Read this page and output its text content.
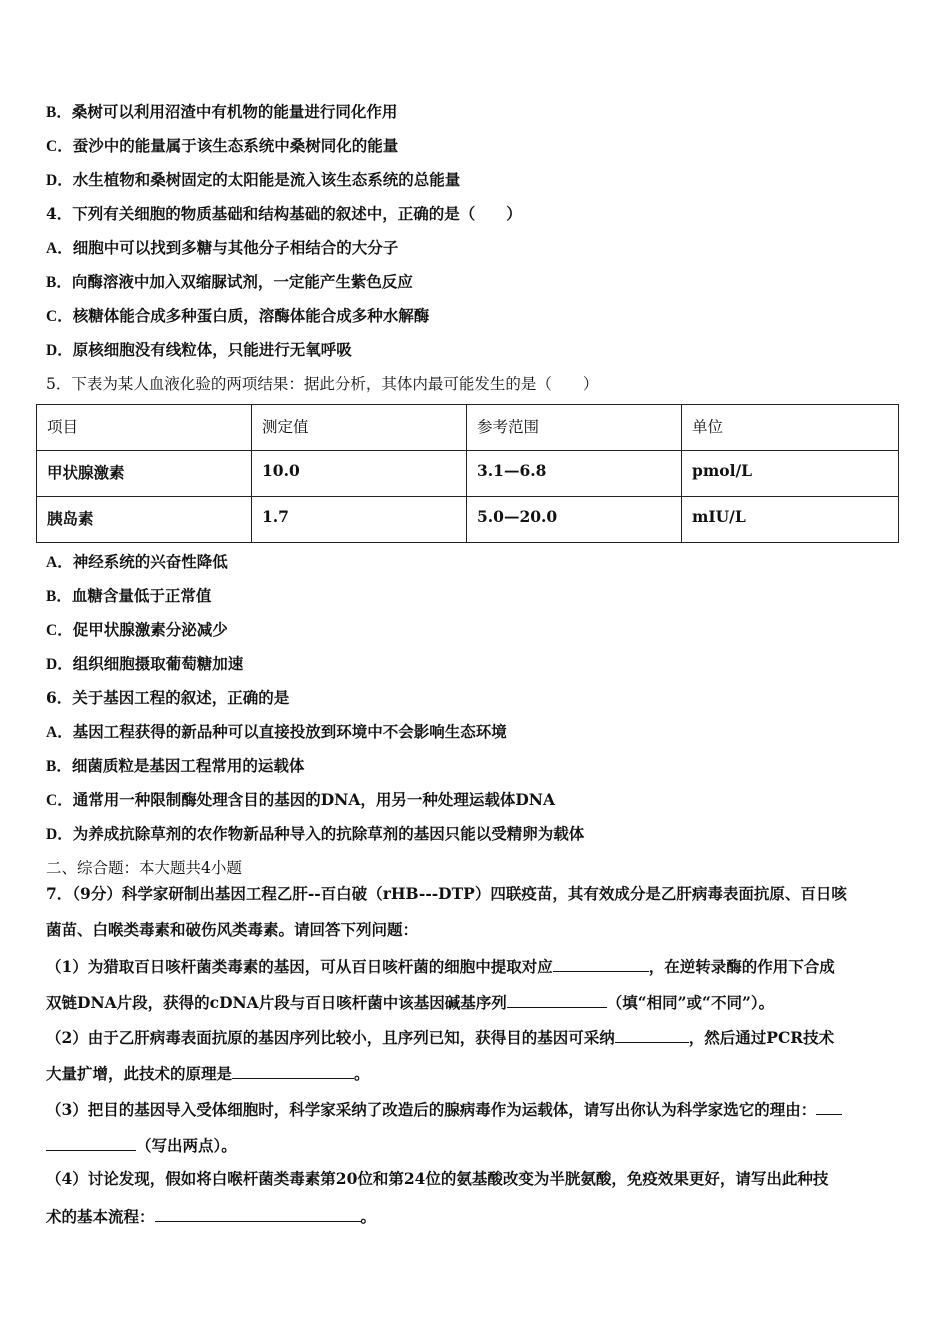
B．桑树可以利用沼渣中有机物的能量进行同化作用
C．蚕沙中的能量属于该生态系统中桑树同化的能量
D．水生植物和桑树固定的太阳能是流入该生态系统的总能量
4．下列有关细胞的物质基础和结构基础的叙述中，正确的是（　　）
A．细胞中可以找到多糖与其他分子相结合的大分子
B．向酶溶液中加入双缩脲试剂，一定能产生紫色反应
C．核糖体能合成多种蛋白质，溶酶体能合成多种水解酶
D．原核细胞没有线粒体，只能进行无氧呼吸
5．下表为某人血液化验的两项结果：据此分析，其体内最可能发生的是（　　）
项目	测定值	参考范围	单位
甲状腺激素	10.0	3.1—6.8	pmol/L
胰岛素	1.7	5.0—20.0	mIU/L
A．神经系统的兴奋性降低
B．血糖含量低于正常值
C．促甲状腺激素分泌减少
D．组织细胞摄取葡萄糖加速
6．关于基因工程的叙述，正确的是
A．基因工程获得的新品种可以直接投放到环境中不会影响生态环境
B．细菌质粒是基因工程常用的运载体
C．通常用一种限制酶处理含目的基因的DNA，用另一种处理运载体DNA
D．为养成抗除草剂的农作物新品种导入的抗除草剂的基因只能以受精卵为载体
二、综合题：本大题共4小题
7．（9分）科学家研制出基因工程乙肝--百白破（rHB---DTP）四联疫苗，其有效成分是乙肝病毒表面抗原、百日咳
菌苗、白喉类毒素和破伤风类毒素。请回答下列问题：
（1）为猎取百日咳杆菌类毒素的基因，可从百日咳杆菌的细胞中提取对应	，在逆转录酶的作用下合成
双链DNA片段，获得的cDNA片段与百日咳杆菌中该基因碱基序列	（填“相同”或“不同”）。
（2）由于乙肝病毒表面抗原的基因序列比较小，且序列已知，获得目的基因可采纳	，然后通过PCR技术
大量扩增，此技术的原理是	。
（3）把目的基因导入受体细胞时，科学家采纳了改造后的腺病毒作为运载体，请写出你认为科学家选它的理由：
（写出两点）。
（4）讨论发现，假如将白喉杆菌类毒素第20位和第24位的氨基酸改变为半胱氨酸，免疫效果更好，请写出此种技
术的基本流程：	。
